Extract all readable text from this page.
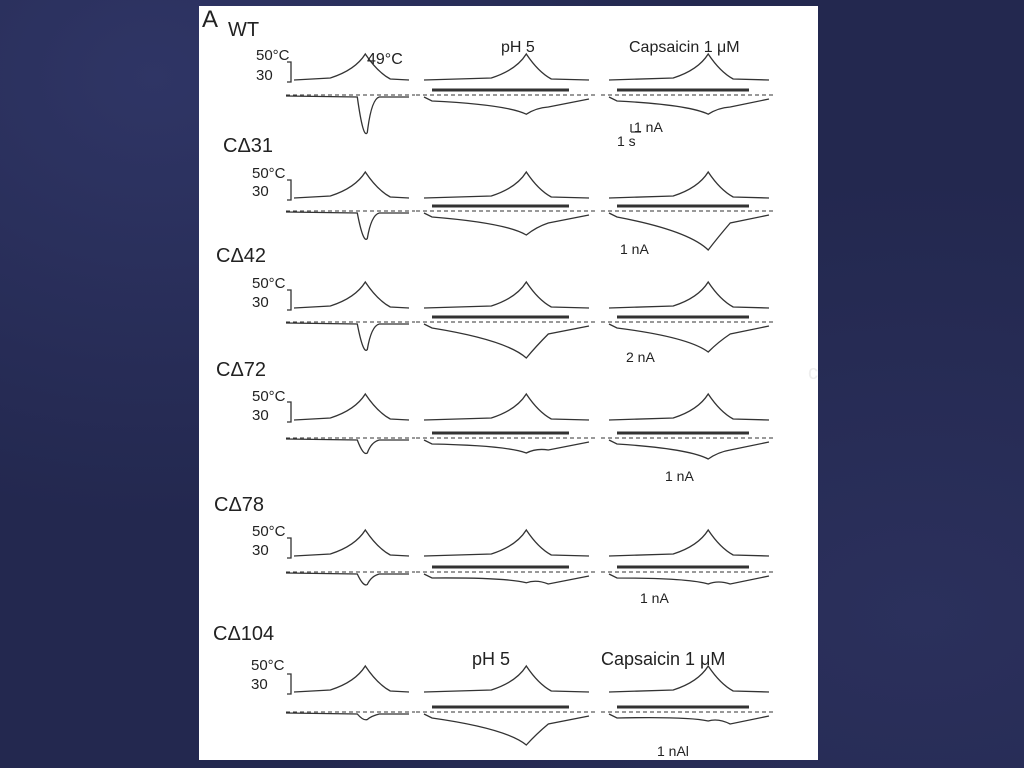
A WT
pH 5	Capsaicin 1 μM
49°C
50°C
30
1 nA
1 s
CΔ31
50°C
30
1 nA
CΔ42
50°C
30
2 nA
CΔ72
50°C
30
1 nA
CΔ78
50°C
30
1 nA
CΔ104
pH 5	Capsaicin 1 μM
50°C
30
1 nAl
c
